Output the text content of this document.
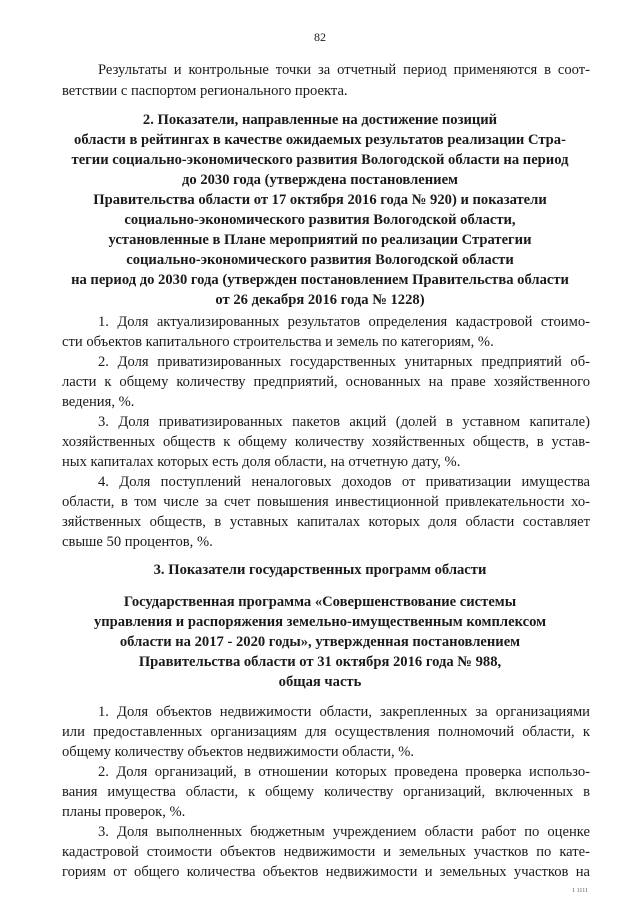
82
Результаты и контрольные точки за отчетный период применяются в соот-
ветствии с паспортом регионального проекта.
2. Показатели, направленные на достижение позиций
области в рейтингах в качестве ожидаемых результатов реализации Стра-
тегии социально-экономического развития Вологодской области на период
до 2030 года (утверждена постановлением
Правительства области от 17 октября 2016 года № 920) и показатели
социально-экономического развития Вологодской области,
установленные в Плане мероприятий по реализации Стратегии
социально-экономического развития Вологодской области
на период до 2030 года (утвержден постановлением Правительства области
от 26 декабря 2016 года № 1228)
1. Доля актуализированных результатов определения кадастровой стоимо-
сти объектов капитального строительства и земель по категориям, %.
2. Доля приватизированных государственных унитарных предприятий об-
ласти к общему количеству предприятий, основанных на праве хозяйственного
ведения, %.
3. Доля приватизированных пакетов акций (долей в уставном капитале)
хозяйственных обществ к общему количеству хозяйственных обществ, в устав-
ных капиталах которых есть доля области, на отчетную дату, %.
4. Доля поступлений неналоговых доходов от приватизации имущества
области, в том числе за счет повышения инвестиционной привлекательности хо-
зяйственных обществ, в уставных капиталах которых доля области составляет
свыше 50 процентов, %.
3. Показатели государственных программ области
Государственная программа «Совершенствование системы
управления и распоряжения земельно-имущественным комплексом
области на 2017 - 2020 годы», утвержденная постановлением
Правительства области от 31 октября 2016 года № 988,
общая часть
1. Доля объектов недвижимости области, закрепленных за организациями
или предоставленных организациям для осуществления полномочий области, к
общему количеству объектов недвижимости области, %.
2. Доля организаций, в отношении которых проведена проверка использо-
вания имущества области, к общему количеству организаций, включенных в
планы проверок, %.
3. Доля выполненных бюджетным учреждением области работ по оценке
кадастровой стоимости объектов недвижимости и земельных участков по кате-
гориям от общего количества объектов недвижимости и земельных участков на
1 1111
